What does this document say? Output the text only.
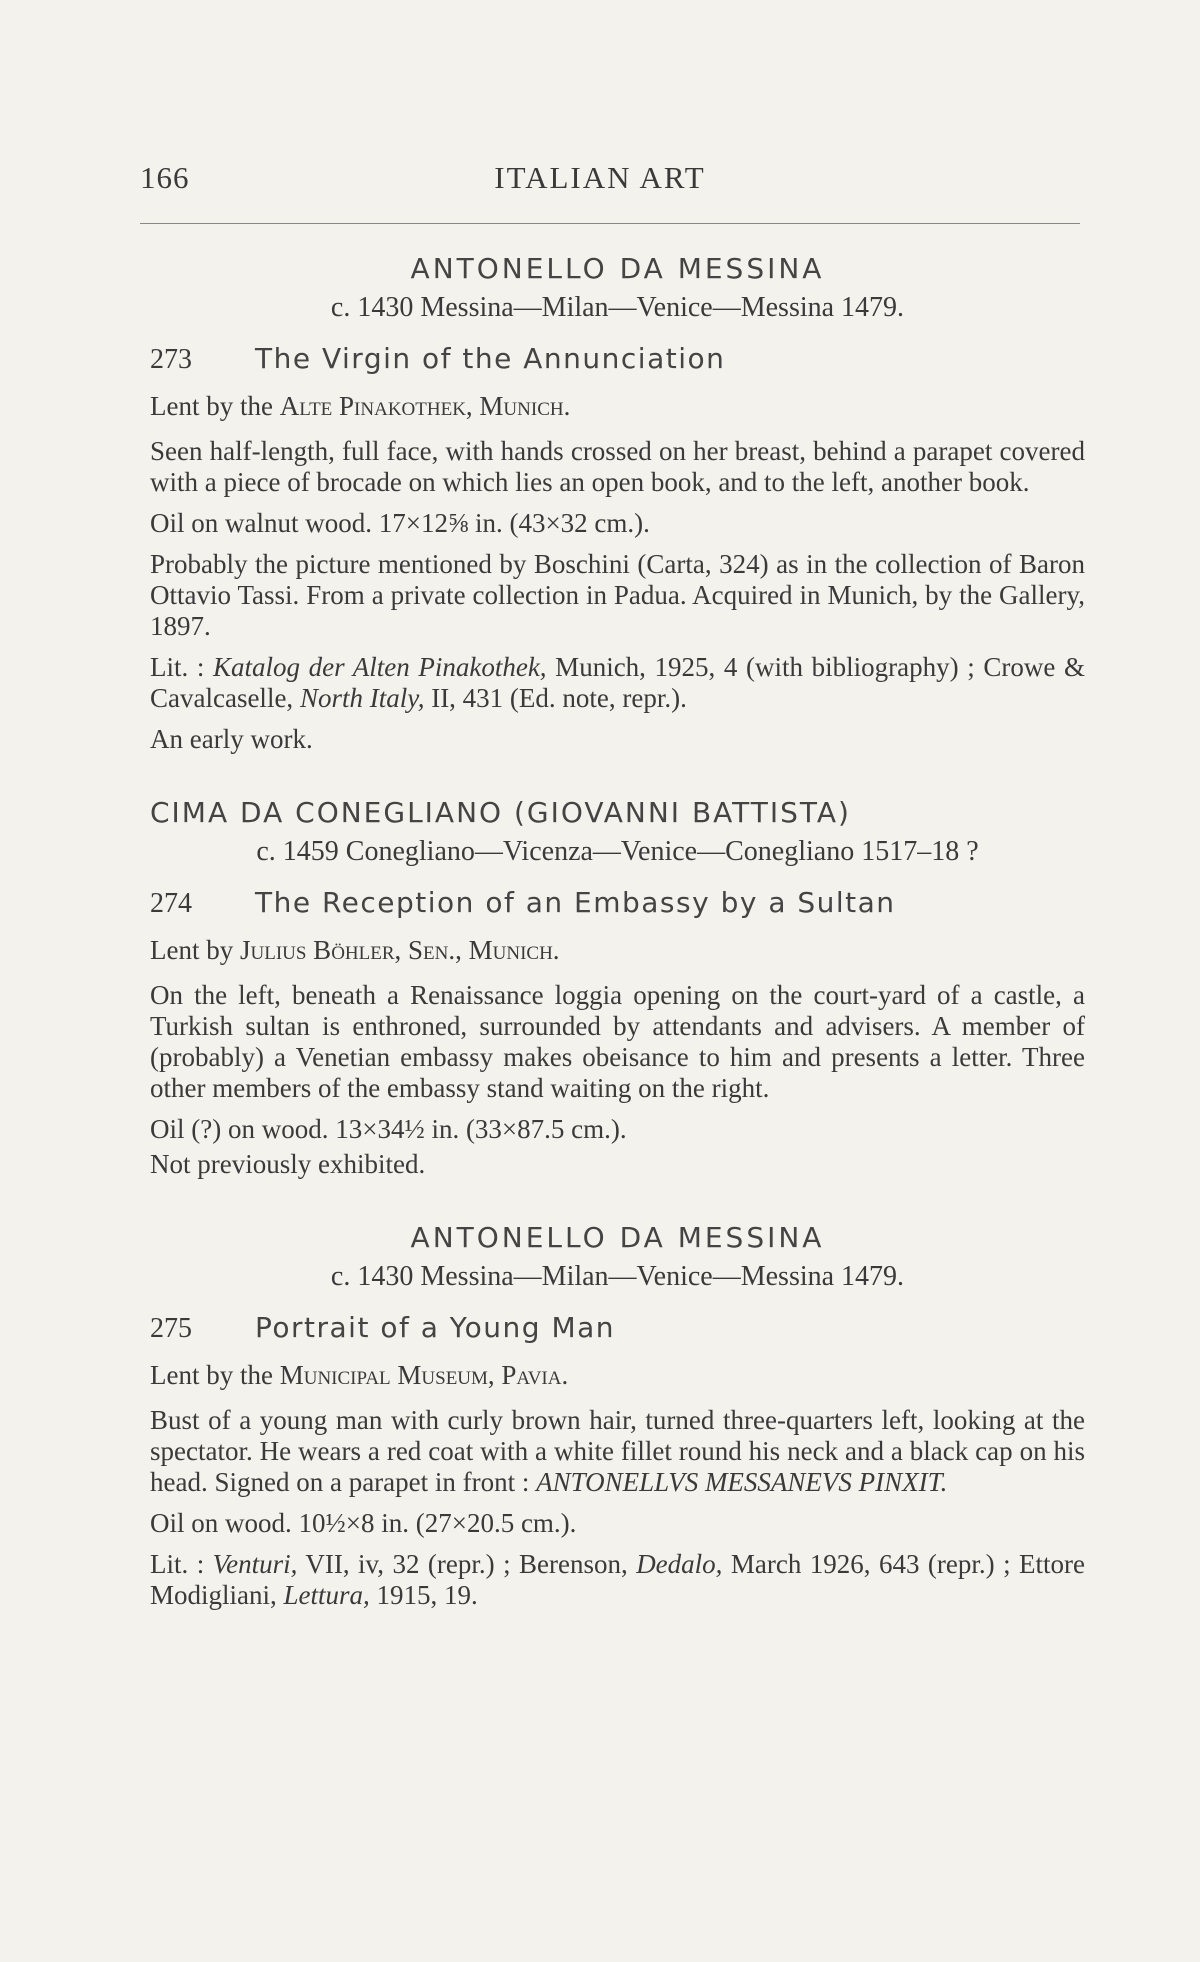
166	ITALIAN ART
ANTONELLO DA MESSINA
c. 1430 Messina—Milan—Venice—Messina 1479.
273	The Virgin of the Annunciation

Lent by the Alte Pinakothek, Munich.

Seen half-length, full face, with hands crossed on her breast, behind a parapet covered with a piece of brocade on which lies an open book, and to the left, another book.

Oil on walnut wood. 17×12⅝ in. (43×32 cm.).

Probably the picture mentioned by Boschini (Carta, 324) as in the collection of Baron Ottavio Tassi. From a private collection in Padua. Acquired in Munich, by the Gallery, 1897.

Lit. : Katalog der Alten Pinakothek, Munich, 1925, 4 (with bibliography) ; Crowe & Cavalcaselle, North Italy, II, 431 (Ed. note, repr.).

An early work.

CIMA DA CONEGLIANO (GIOVANNI BATTISTA)
c. 1459 Conegliano—Vicenza—Venice—Conegliano 1517–18 ?
274	The Reception of an Embassy by a Sultan

Lent by Julius Böhler, Sen., Munich.

On the left, beneath a Renaissance loggia opening on the court-yard of a castle, a Turkish sultan is enthroned, surrounded by attendants and advisers. A member of (probably) a Venetian embassy makes obeisance to him and presents a letter. Three other members of the embassy stand waiting on the right.

Oil (?) on wood. 13×34½ in. (33×87.5 cm.).

Not previously exhibited.

ANTONELLO DA MESSINA
c. 1430 Messina—Milan—Venice—Messina 1479.
275	Portrait of a Young Man

Lent by the Municipal Museum, Pavia.

Bust of a young man with curly brown hair, turned three-quarters left, looking at the spectator. He wears a red coat with a white fillet round his neck and a black cap on his head. Signed on a parapet in front : ANTONELLVS MESSANEVS PINXIT.

Oil on wood. 10½×8 in. (27×20.5 cm.).

Lit. : Venturi, VII, iv, 32 (repr.) ; Berenson, Dedalo, March 1926, 643 (repr.) ; Ettore Modigliani, Lettura, 1915, 19.
